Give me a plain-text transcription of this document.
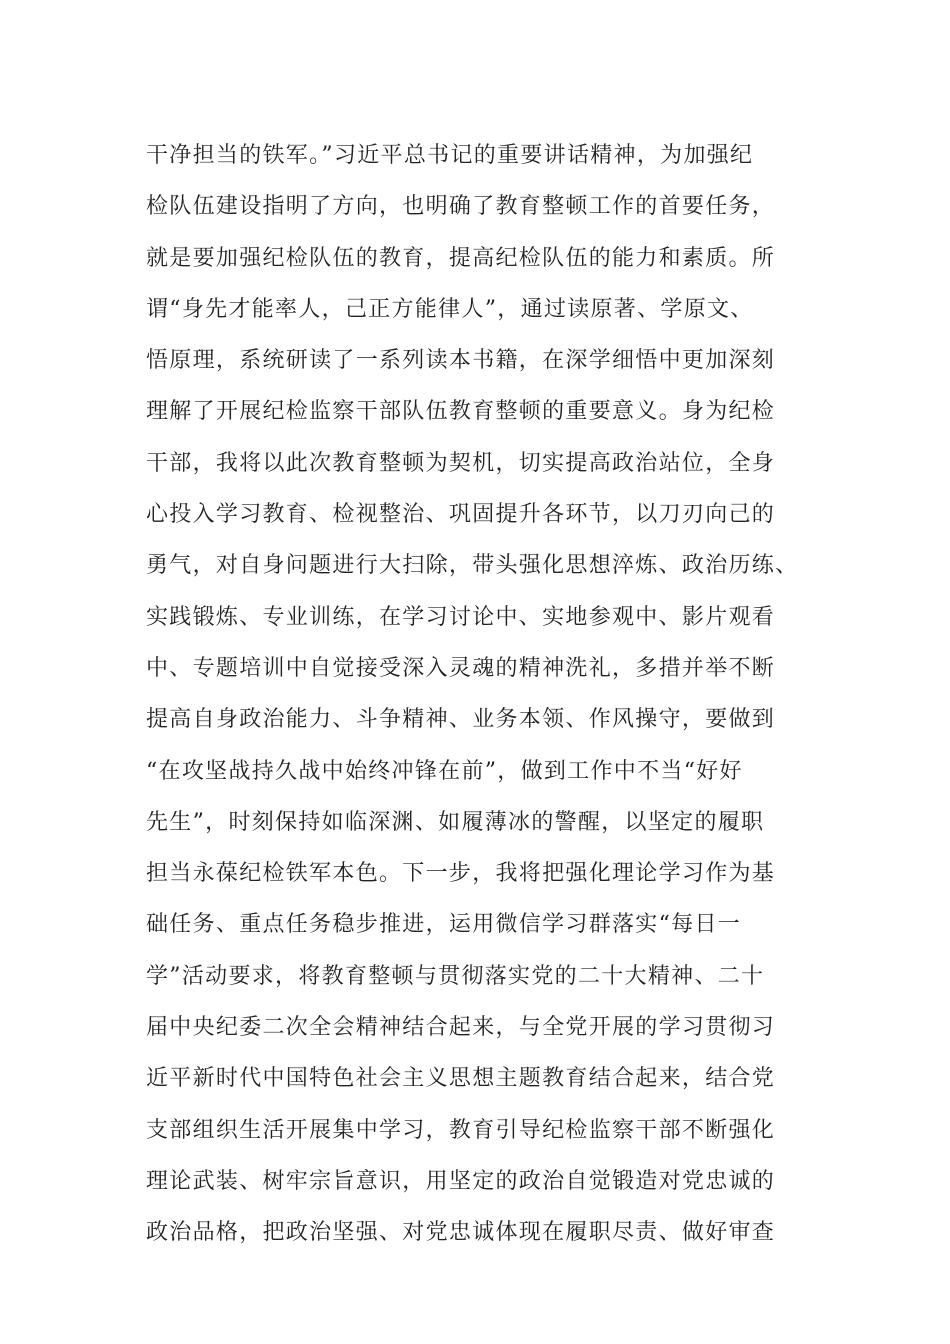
干净担当的铁军。”习近平总书记的重要讲话精神，为加强纪
检队伍建设指明了方向，也明确了教育整顿工作的首要任务，
就是要加强纪检队伍的教育，提高纪检队伍的能力和素质。所
谓“身先才能率人，己正方能律人”，通过读原著、学原文、
悟原理，系统研读了一系列读本书籍，在深学细悟中更加深刻
理解了开展纪检监察干部队伍教育整顿的重要意义。身为纪检
干部，我将以此次教育整顿为契机，切实提高政治站位，全身
心投入学习教育、检视整治、巩固提升各环节，以刀刃向己的
勇气，对自身问题进行大扫除，带头强化思想淬炼、政治历练、
实践锻炼、专业训练，在学习讨论中、实地参观中、影片观看
中、专题培训中自觉接受深入灵魂的精神洗礼，多措并举不断
提高自身政治能力、斗争精神、业务本领、作风操守，要做到
“在攻坚战持久战中始终冲锋在前”，做到工作中不当“好好
先生”，时刻保持如临深渊、如履薄冰的警醒，以坚定的履职
担当永葆纪检铁军本色。下一步，我将把强化理论学习作为基
础任务、重点任务稳步推进，运用微信学习群落实“每日一
学”活动要求，将教育整顿与贯彻落实党的二十大精神、二十
届中央纪委二次全会精神结合起来，与全党开展的学习贯彻习
近平新时代中国特色社会主义思想主题教育结合起来，结合党
支部组织生活开展集中学习，教育引导纪检监察干部不断强化
理论武装、树牢宗旨意识，用坚定的政治自觉锻造对党忠诚的
政治品格，把政治坚强、对党忠诚体现在履职尽责、做好审查
